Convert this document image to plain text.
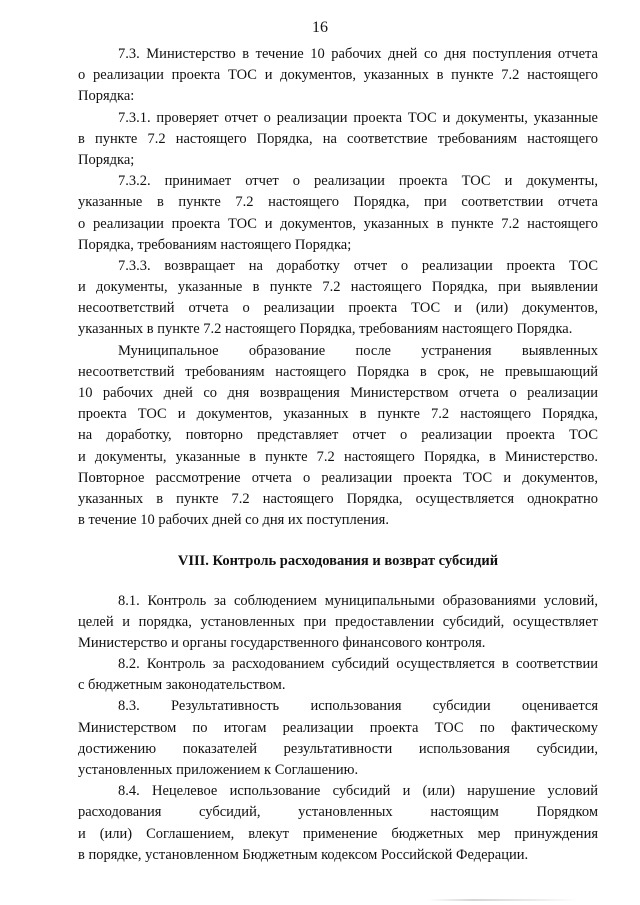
16
7.3. Министерство в течение 10 рабочих дней со дня поступления отчета
о реализации проекта ТОС и документов, указанных в пункте 7.2 настоящего
Порядка:
7.3.1. проверяет отчет о реализации проекта ТОС и документы, указанные
в пункте 7.2 настоящего Порядка, на соответствие требованиям настоящего
Порядка;
7.3.2. принимает отчет о реализации проекта ТОС и документы,
указанные в пункте 7.2 настоящего Порядка, при соответствии отчета
о реализации проекта ТОС и документов, указанных в пункте 7.2 настоящего
Порядка, требованиям настоящего Порядка;
7.3.3. возвращает на доработку отчет о реализации проекта ТОС
и документы, указанные в пункте 7.2 настоящего Порядка, при выявлении
несоответствий отчета о реализации проекта ТОС и (или) документов,
указанных в пункте 7.2 настоящего Порядка, требованиям настоящего Порядка.
Муниципальное образование после устранения выявленных
несоответствий требованиям настоящего Порядка в срок, не превышающий
10 рабочих дней со дня возвращения Министерством отчета о реализации
проекта ТОС и документов, указанных в пункте 7.2 настоящего Порядка,
на доработку, повторно представляет отчет о реализации проекта ТОС
и документы, указанные в пункте 7.2 настоящего Порядка, в Министерство.
Повторное рассмотрение отчета о реализации проекта ТОС и документов,
указанных в пункте 7.2 настоящего Порядка, осуществляется однократно
в течение 10 рабочих дней со дня их поступления.
VIII. Контроль расходования и возврат субсидий
8.1. Контроль за соблюдением муниципальными образованиями условий,
целей и порядка, установленных при предоставлении субсидий, осуществляет
Министерство и органы государственного финансового контроля.
8.2. Контроль за расходованием субсидий осуществляется в соответствии
с бюджетным законодательством.
8.3. Результативность использования субсидии оценивается
Министерством по итогам реализации проекта ТОС по фактическому
достижению показателей результативности использования субсидии,
установленных приложением к Соглашению.
8.4. Нецелевое использование субсидий и (или) нарушение условий
расходования субсидий, установленных настоящим Порядком
и (или) Соглашением, влекут применение бюджетных мер принуждения
в порядке, установленном Бюджетным кодексом Российской Федерации.
